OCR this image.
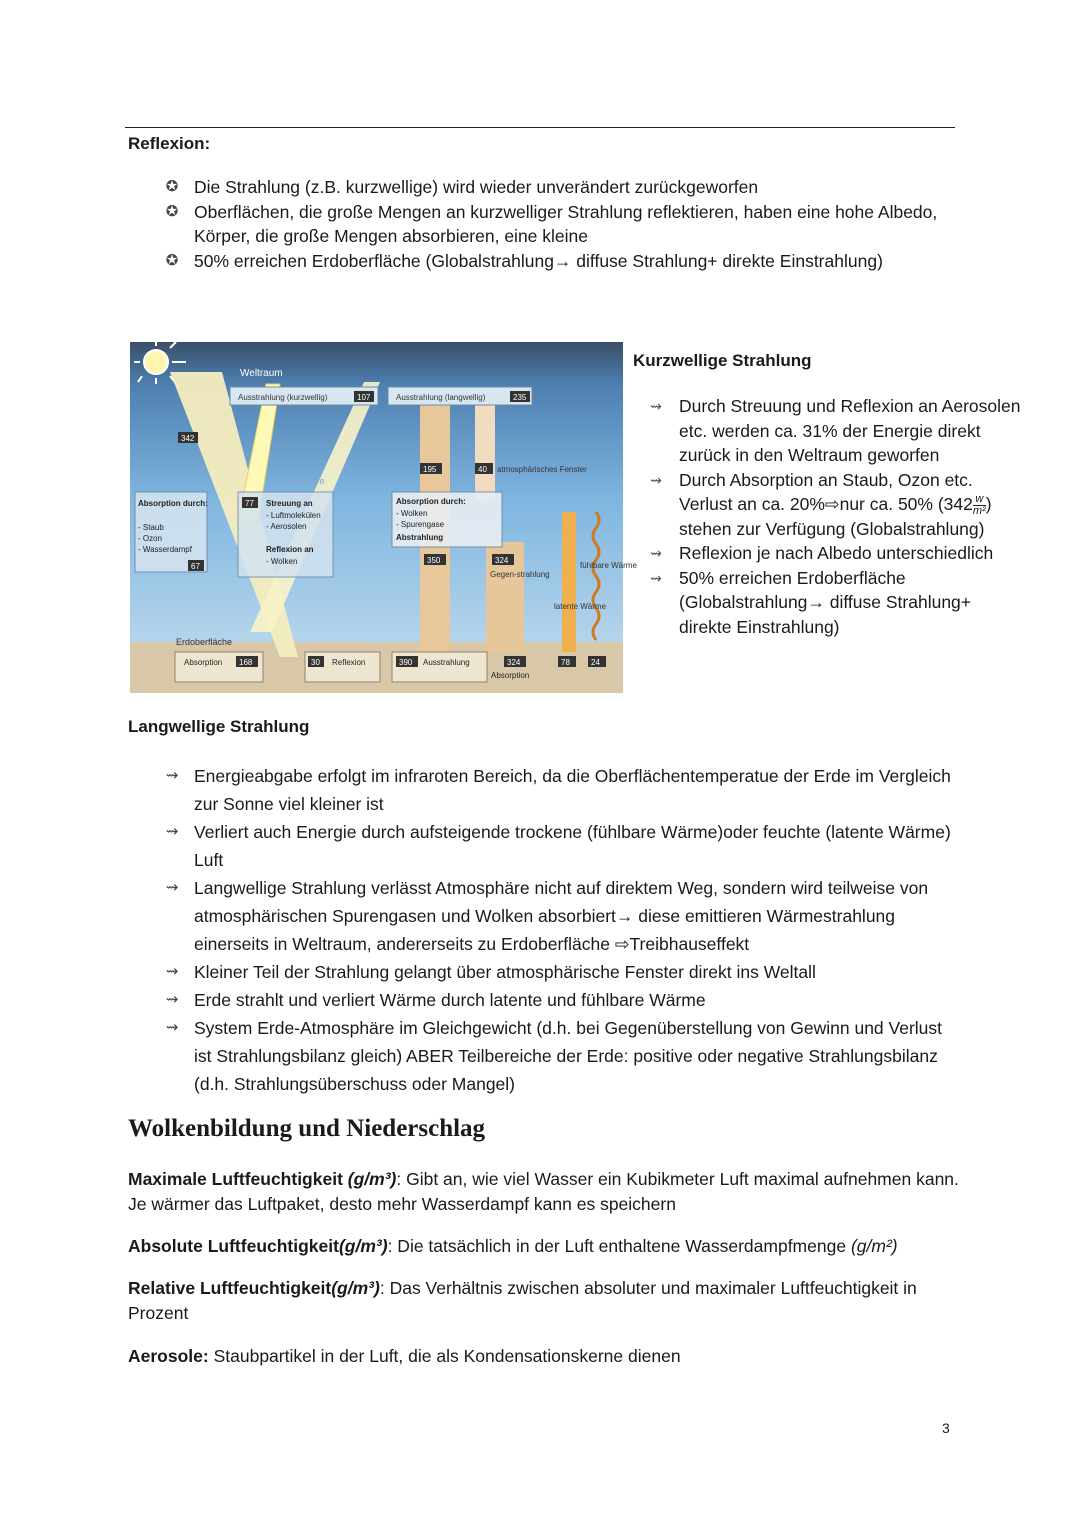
Reflexion:
✪ Die Strahlung (z.B. kurzwellige) wird wieder unverändert zurückgeworfen
✪ Oberflächen, die große Mengen an kurzwelliger Strahlung reflektieren, haben eine hohe Albedo, Körper, die große Mengen absorbieren, eine kleine
✪ 50% erreichen Erdoberfläche (Globalstrahlung→ diffuse Strahlung+ direkte Einstrahlung)
Weltraum
Ausstrahlung (kurzwellig)	107	Ausstrahlung (langwellig)	235
342
Atmosphäre
Absorption durch:
- Staub
- Ozon
- Wasserdampf
67
77 Streuung an
- Luftmolekülen
- Aerosolen
Reflexion an
- Wolken
195	40 atmosphärisches Fenster
Absorption durch:
- Wolken
- Spurengase
Abstrahlung
350	324
Gegen-strahlung
fühlbare Wärme
latente Wärme
Erdoberfläche
Absorption 168	30 Reflexion	390 Ausstrahlung	324
Absorption
78	24
Kurzwellige Strahlung
⇝ Durch Streuung und Reflexion an Aerosolen etc. werden ca. 31% der Energie direkt zurück in den Weltraum geworfen
⇝ Durch Absorption an Staub, Ozon etc. Verlust an ca. 20%⇨nur ca. 50% ($342 \frac{w}{\text{m²}}$ ) stehen zur Verfügung (Globalstrahlung)
⇝ Reflexion je nach Albedo unterschiedlich
⇝ 50% erreichen Erdoberfläche (Globalstrahlung→ diffuse Strahlung+ direkte Einstrahlung)
Langwellige Strahlung
⇝ Energieabgabe erfolgt im infraroten Bereich, da die Oberflächentemperatue der Erde im Vergleich zur Sonne viel kleiner ist
⇝ Verliert auch Energie durch aufsteigende trockene (fühlbare Wärme)oder feuchte (latente Wärme) Luft
⇝ Langwellige Strahlung verlässt Atmosphäre nicht auf direktem Weg, sondern wird teilweise von atmosphärischen Spurengasen und Wolken absorbiert→ diese emittieren Wärmestrahlung einerseits in Weltraum, andererseits zu Erdoberfläche ⇨Treibhauseffekt
⇝ Kleiner Teil der Strahlung gelangt über atmosphärische Fenster direkt ins Weltall
⇝ Erde strahlt und verliert Wärme durch latente und fühlbare Wärme
⇝ System Erde-Atmosphäre im Gleichgewicht (d.h. bei Gegenüberstellung von Gewinn und Verlust ist Strahlungsbilanz gleich) ABER Teilbereiche der Erde: positive oder negative Strahlungsbilanz (d.h. Strahlungsüberschuss oder Mangel)
Wolkenbildung und Niederschlag

Maximale Luftfeuchtigkeit (g/m³): Gibt an, wie viel Wasser ein Kubikmeter Luft maximal aufnehmen kann. Je wärmer das Luftpaket, desto mehr Wasserdampf kann es speichern

Absolute Luftfeuchtigkeit(g/m³): Die tatsächlich in der Luft enthaltene Wasserdampfmenge (g/m²)

Relative Luftfeuchtigkeit(g/m³): Das Verhältnis zwischen absoluter und maximaler Luftfeuchtigkeit in Prozent

Aerosole: Staubpartikel in der Luft, die als Kondensationskerne dienen

3
